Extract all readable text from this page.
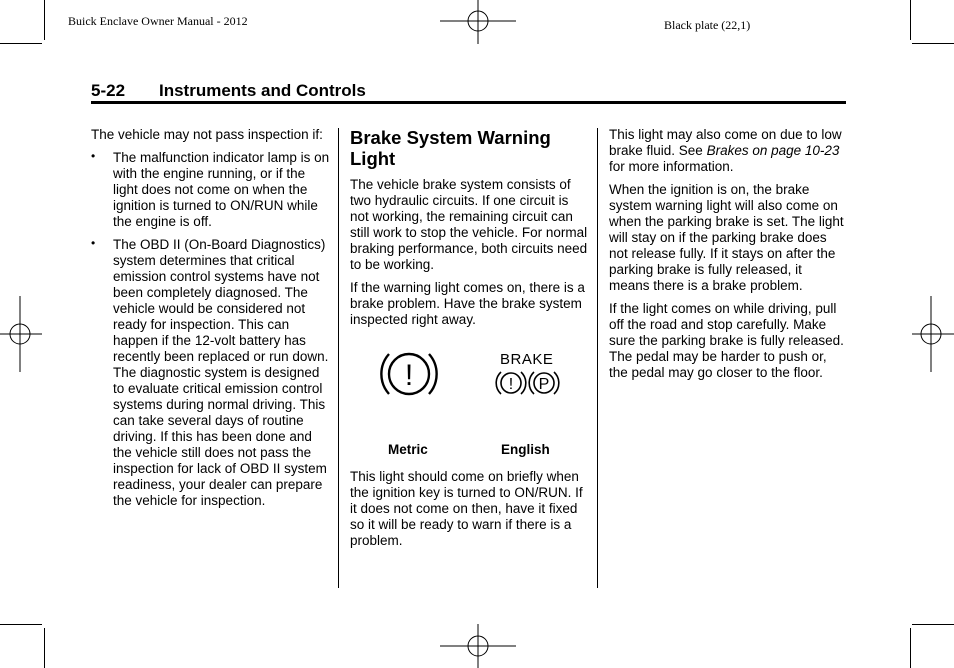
Buick Enclave Owner Manual - 2012	Black plate (22,1)
5-22 Instruments and Controls

The vehicle may not pass inspection if:

• The malfunction indicator lamp is on with the engine running, or if the light does not come on when the ignition is turned to ON/RUN while the engine is off.
• The OBD II (On-Board Diagnostics) system determines that critical emission control systems have not been completely diagnosed. The vehicle would be considered not ready for inspection. This can happen if the 12-volt battery has recently been replaced or run down. The diagnostic system is designed to evaluate critical emission control systems during normal driving. This can take several days of routine driving. If this has been done and the vehicle still does not pass the inspection for lack of OBD II system readiness, your dealer can prepare the vehicle for inspection.
Brake System Warning Light

The vehicle brake system consists of two hydraulic circuits. If one circuit is not working, the remaining circuit can still work to stop the vehicle. For normal braking performance, both circuits need to be working.

If the warning light comes on, there is a brake problem. Have the brake system inspected right away.

!	BRAKE
! P
Metric	English

This light should come on briefly when the ignition key is turned to ON/RUN. If it does not come on then, have it fixed so it will be ready to warn if there is a problem.

This light may also come on due to low brake fluid. See Brakes on page 10-23 for more information.

When the ignition is on, the brake system warning light will also come on when the parking brake is set. The light will stay on if the parking brake does not release fully. If it stays on after the parking brake is fully released, it means there is a brake problem.

If the light comes on while driving, pull off the road and stop carefully. Make sure the parking brake is fully released. The pedal may be harder to push or, the pedal may go closer to the floor.
